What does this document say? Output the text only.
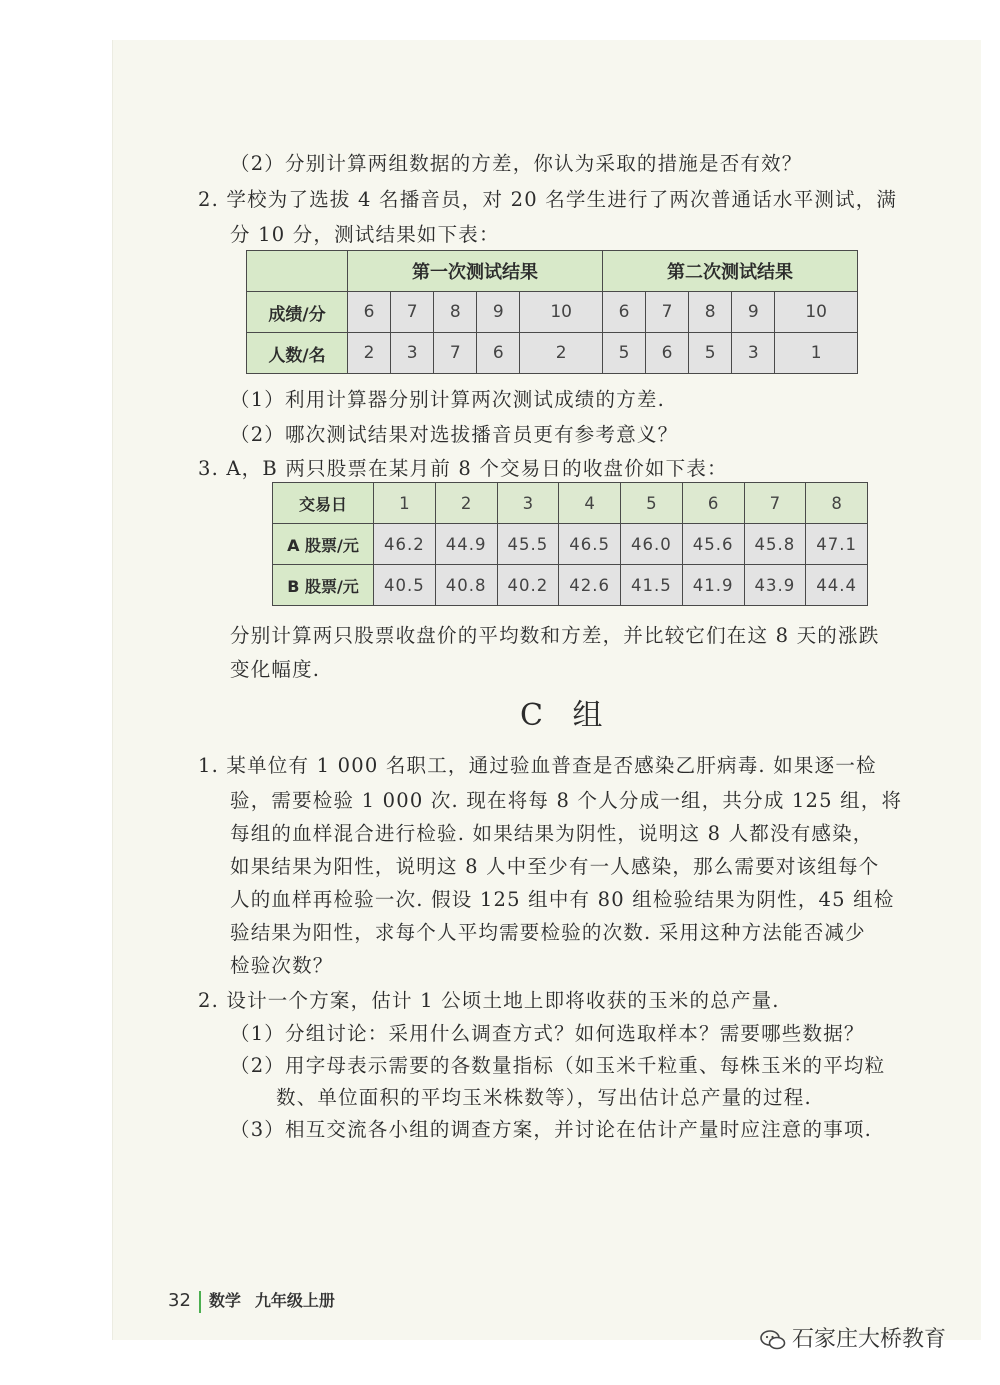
（2）分别计算两组数据的方差，你认为采取的措施是否有效？
2. 学校为了选拔 4 名播音员，对 20 名学生进行了两次普通话水平测试，满
分 10 分，测试结果如下表：
	第一次测试结果					第二次测试结果				
成绩/分	6	7	8	9	10	6	7	8	9	10
人数/名	2	3	7	6	2	5	6	5	3	1
（1）利用计算器分别计算两次测试成绩的方差.
（2）哪次测试结果对选拔播音员更有参考意义？
3. A，B 两只股票在某月前 8 个交易日的收盘价如下表：
交易日	1	2	3	4	5	6	7	8
A 股票/元	46.2	44.9	45.5	46.5	46.0	45.6	45.8	47.1
B 股票/元	40.5	40.8	40.2	42.6	41.5	41.9	43.9	44.4
分别计算两只股票收盘价的平均数和方差，并比较它们在这 8 天的涨跌
变化幅度.
C 组
1. 某单位有 1 000 名职工，通过验血普查是否感染乙肝病毒. 如果逐一检
验，需要检验 1 000 次. 现在将每 8 个人分成一组，共分成 125 组，将
每组的血样混合进行检验. 如果结果为阴性，说明这 8 人都没有感染，
如果结果为阳性，说明这 8 人中至少有一人感染，那么需要对该组每个
人的血样再检验一次. 假设 125 组中有 80 组检验结果为阴性，45 组检
验结果为阳性，求每个人平均需要检验的次数. 采用这种方法能否减少
检验次数？
2. 设计一个方案，估计 1 公顷土地上即将收获的玉米的总产量.
（1）分组讨论：采用什么调查方式？如何选取样本？需要哪些数据？
（2）用字母表示需要的各数量指标（如玉米千粒重、每株玉米的平均粒
数、单位面积的平均玉米株数等），写出估计总产量的过程.
（3）相互交流各小组的调查方案，并讨论在估计产量时应注意的事项.
32 数学 九年级上册
石家庄大桥教育
